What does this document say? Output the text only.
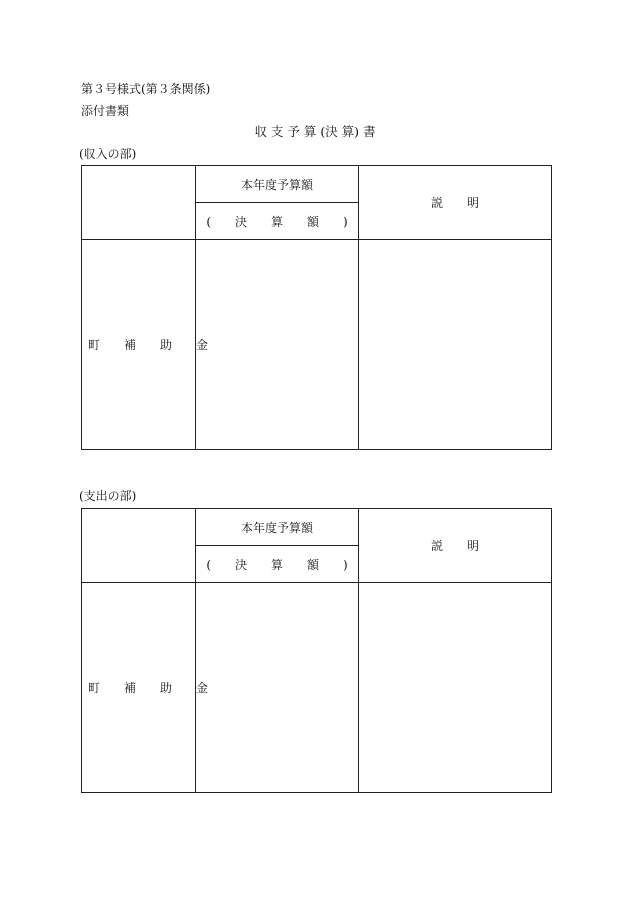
第３号様式(第３条関係)
添付書類
収 支 予 算 (決 算) 書
(収入の部)
	本年度予算額	説　　明
	(　　決　　算　　額　　)	

町　　補　　助　　金		

(支出の部)
	本年度予算額	説　　明
	(　　決　　算　　額　　)	

町　　補　　助　　金		
